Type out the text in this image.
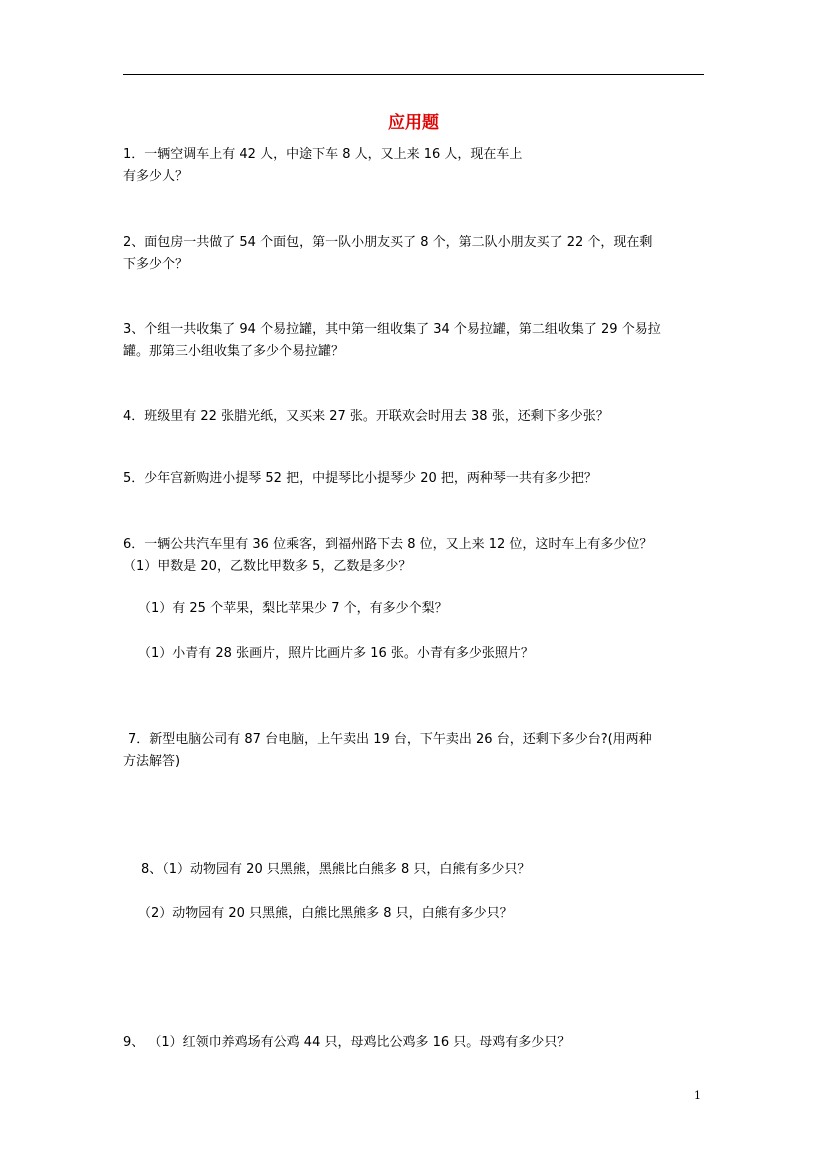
应用题
1．一辆空调车上有 42 人，中途下车 8 人，又上来 16 人，现在车上
有多少人？
2、面包房一共做了 54 个面包，第一队小朋友买了 8 个，第二队小朋友买了 22 个，现在剩
下多少个？
3、个组一共收集了 94 个易拉罐，其中第一组收集了 34 个易拉罐，第二组收集了 29 个易拉
罐。那第三小组收集了多少个易拉罐？
4．班级里有 22 张腊光纸，又买来 27 张。开联欢会时用去 38 张，还剩下多少张？
5．少年宫新购进小提琴 52 把，中提琴比小提琴少 20 把，两种琴一共有多少把？
6．一辆公共汽车里有 36 位乘客，到福州路下去 8 位，又上来 12 位，这时车上有多少位？
（1）甲数是 20，乙数比甲数多 5，乙数是多少？
（1）有 25 个苹果，梨比苹果少 7 个，有多少个梨？
（1）小青有 28 张画片，照片比画片多 16 张。小青有多少张照片？
7．新型电脑公司有 87 台电脑，上午卖出 19 台，下午卖出 26 台，还剩下多少台?(用两种
方法解答)
8、（1）动物园有 20 只黑熊，黑熊比白熊多 8 只，白熊有多少只？
（2）动物园有 20 只黑熊，白熊比黑熊多 8 只，白熊有多少只？
9、 （1）红领巾养鸡场有公鸡 44 只，母鸡比公鸡多 16 只。母鸡有多少只？
1
